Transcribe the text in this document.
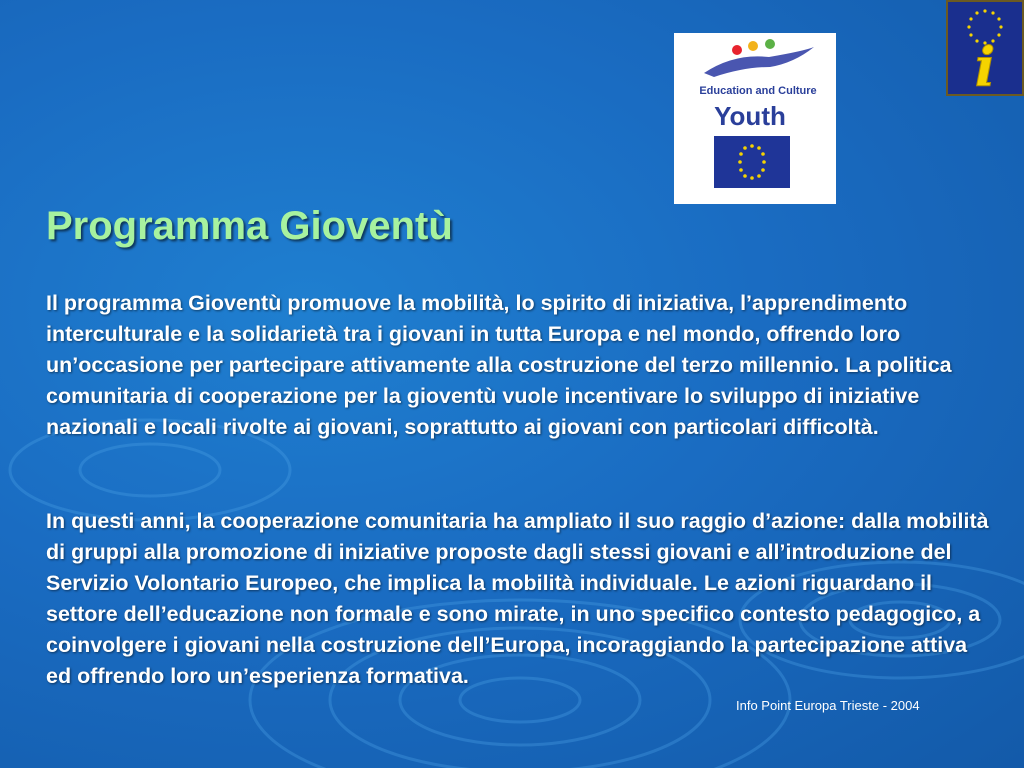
Education and Culture
Youth
i
Programma Gioventù

Il programma Gioventù promuove la mobilità, lo spirito di iniziativa, l’apprendimento interculturale e la solidarietà tra i giovani in tutta Europa e nel mondo, offrendo loro un’occasione per partecipare attivamente alla costruzione del terzo millennio. La politica comunitaria di cooperazione per la gioventù vuole incentivare lo sviluppo di iniziative nazionali e locali rivolte ai giovani, soprattutto ai giovani con particolari difficoltà.

In questi anni, la cooperazione comunitaria ha ampliato il suo raggio d’azione: dalla mobilità di gruppi alla promozione di iniziative proposte dagli stessi giovani e all’introduzione del Servizio Volontario Europeo, che implica la mobilità individuale. Le azioni riguardano il settore dell’educazione non formale e sono mirate, in uno specifico contesto pedagogico, a coinvolgere i giovani nella costruzione dell’Europa, incoraggiando la partecipazione attiva ed offrendo loro un’esperienza formativa.

Info Point Europa Trieste - 2004
